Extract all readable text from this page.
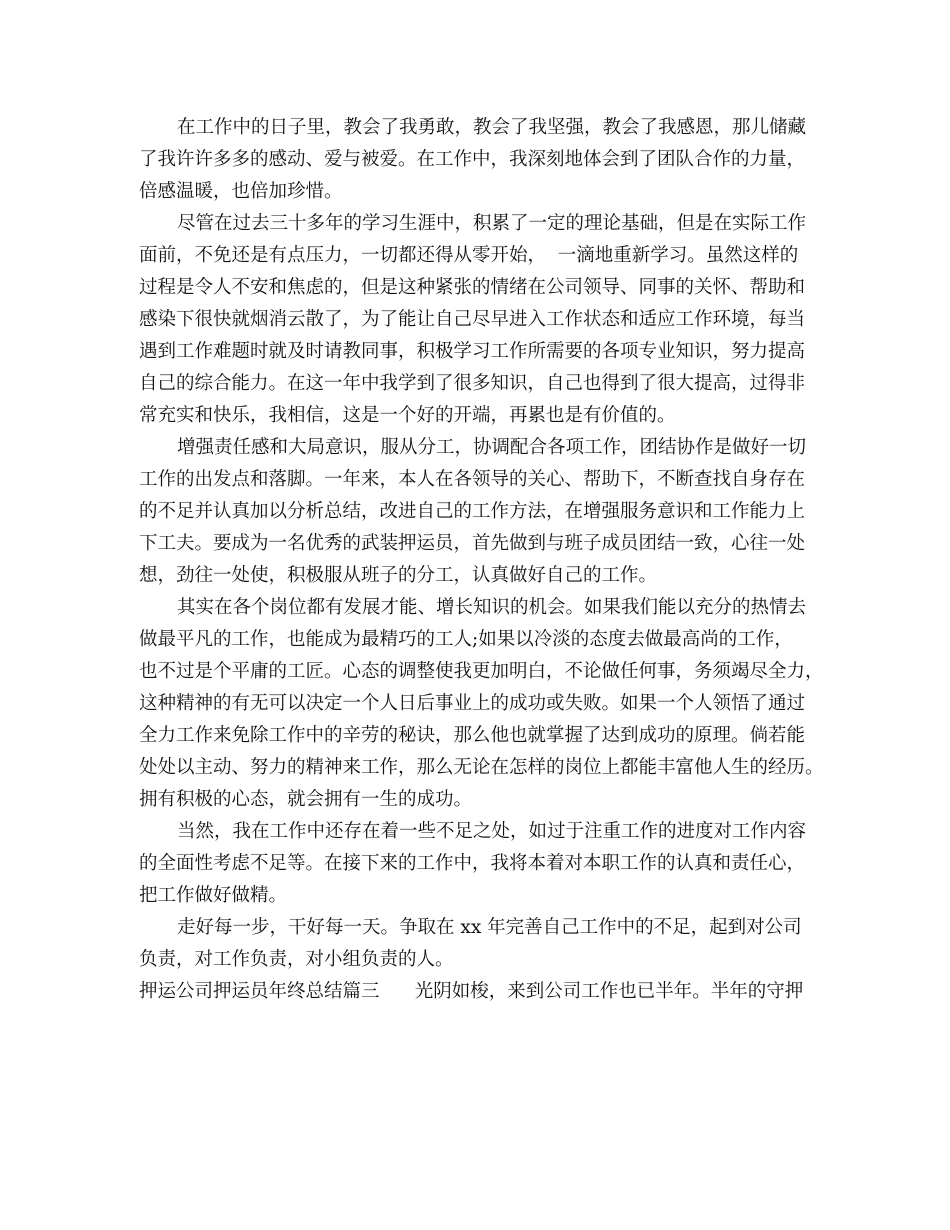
在工作中的日子里，教会了我勇敢，教会了我坚强，教会了我感恩，那儿储藏
了我许许多多的感动、爱与被爱。在工作中，我深刻地体会到了团队合作的力量，
倍感温暖，也倍加珍惜。
尽管在过去三十多年的学习生涯中，积累了一定的理论基础，但是在实际工作
面前，不免还是有点压力，一切都还得从零开始，  一滴地重新学习。虽然这样的
过程是令人不安和焦虑的，但是这种紧张的情绪在公司领导、同事的关怀、帮助和
感染下很快就烟消云散了，为了能让自己尽早进入工作状态和适应工作环境，每当
遇到工作难题时就及时请教同事，积极学习工作所需要的各项专业知识，努力提高
自己的综合能力。在这一年中我学到了很多知识，自己也得到了很大提高，过得非
常充实和快乐，我相信，这是一个好的开端，再累也是有价值的。
增强责任感和大局意识，服从分工，协调配合各项工作，团结协作是做好一切
工作的出发点和落脚。一年来，本人在各领导的关心、帮助下，不断查找自身存在
的不足并认真加以分析总结，改进自己的工作方法，在增强服务意识和工作能力上
下工夫。要成为一名优秀的武装押运员，首先做到与班子成员团结一致，心往一处
想，劲往一处使，积极服从班子的分工，认真做好自己的工作。
其实在各个岗位都有发展才能、增长知识的机会。如果我们能以充分的热情去
做最平凡的工作，也能成为最精巧的工人;如果以冷淡的态度去做最高尚的工作，
也不过是个平庸的工匠。心态的调整使我更加明白，不论做任何事，务须竭尽全力，
这种精神的有无可以决定一个人日后事业上的成功或失败。如果一个人领悟了通过
全力工作来免除工作中的辛劳的秘诀，那么他也就掌握了达到成功的原理。倘若能
处处以主动、努力的精神来工作，那么无论在怎样的岗位上都能丰富他人生的经历。
拥有积极的心态，就会拥有一生的成功。
当然，我在工作中还存在着一些不足之处，如过于注重工作的进度对工作内容
的全面性考虑不足等。在接下来的工作中，我将本着对本职工作的认真和责任心，
把工作做好做精。
走好每一步，干好每一天。争取在 xx 年完善自己工作中的不足，起到对公司
负责，对工作负责，对小组负责的人。
押运公司押运员年终总结篇三      光阴如梭，来到公司工作也已半年。半年的守押
